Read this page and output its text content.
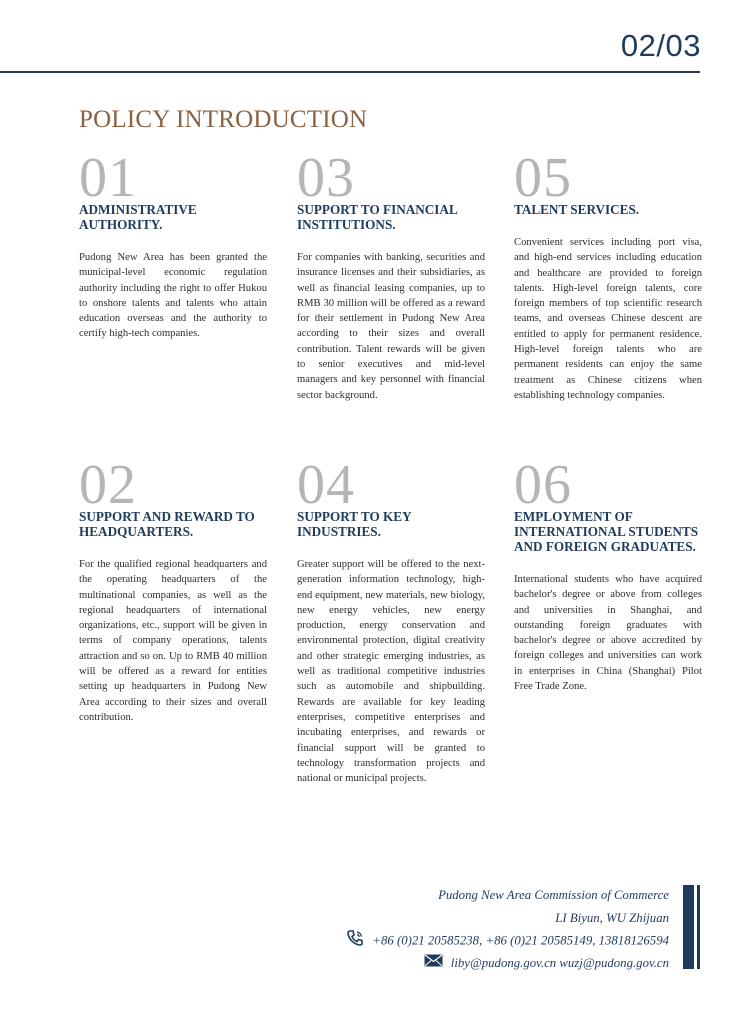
02/03
POLICY INTRODUCTION
01
ADMINISTRATIVE AUTHORITY.
Pudong New Area has been granted the municipal-level economic regulation authority including the right to offer Hukou to onshore talents and talents who attain education overseas and the authority to certify high-tech companies.
03
SUPPORT TO FINANCIAL INSTITUTIONS.
For companies with banking, securities and insurance licenses and their subsidiaries, as well as financial leasing companies, up to RMB 30 million will be offered as a reward for their settlement in Pudong New Area according to their sizes and overall contribution. Talent rewards will be given to senior executives and mid-level managers and key personnel with financial sector background.
05
TALENT SERVICES.
Convenient services including port visa, and high-end services including education and healthcare are provided to foreign talents. High-level foreign talents, core foreign members of top scientific research teams, and overseas Chinese descent are entitled to apply for permanent residence. High-level foreign talents who are permanent residents can enjoy the same treatment as Chinese citizens when establishing technology companies.
02
SUPPORT AND REWARD TO HEADQUARTERS.
For the qualified regional headquarters and the operating headquarters of the multinational companies, as well as the regional headquarters of international organizations, etc., support will be given in terms of company operations, talents attraction and so on. Up to RMB 40 million will be offered as a reward for entities setting up headquarters in Pudong New Area according to their sizes and overall contribution.
04
SUPPORT TO KEY INDUSTRIES.
Greater support will be offered to the next-generation information technology, high-end equipment, new materials, new biology, new energy vehicles, new energy production, energy conservation and environmental protection, digital creativity and other strategic emerging industries, as well as traditional competitive industries such as automobile and shipbuilding. Rewards are available for key leading enterprises, competitive enterprises and incubating enterprises, and rewards or financial support will be granted to technology transformation projects and national or municipal projects.
06
EMPLOYMENT OF INTERNATIONAL STUDENTS AND FOREIGN GRADUATES.
International students who have acquired bachelor's degree or above from colleges and universities in Shanghai, and outstanding foreign graduates with bachelor's degree or above accredited by foreign colleges and universities can work in enterprises in China (Shanghai) Pilot Free Trade Zone.
Pudong New Area Commission of Commerce
LI Biyun, WU Zhijuan
+86 (0)21 20585238, +86 (0)21 20585149, 13818126594
liby@pudong.gov.cn wuzj@pudong.gov.cn
